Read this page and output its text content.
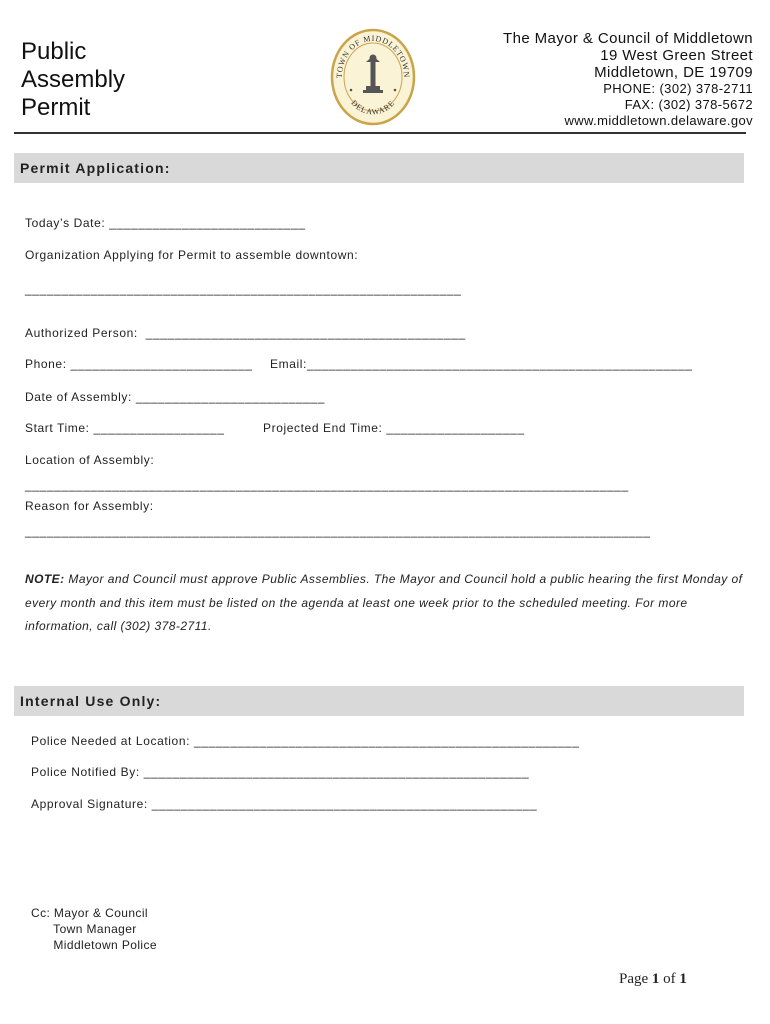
Public
Assembly
Permit
TOWN OF MIDDLETOWN
DELAWARE
The Mayor & Council of Middletown
19 West Green Street
Middletown, DE 19709
PHONE: (302) 378-2711
FAX: (302) 378-5672
www.middletown.delaware.gov
Permit Application:
Today’s Date: ___________________________
Organization Applying for Permit to assemble downtown:
____________________________________________________________
Authorized Person:  ____________________________________________
Phone: _________________________ Email:_____________________________________________________
Date of Assembly: __________________________
Start Time: __________________	Projected End Time: ___________________
Location of Assembly:
___________________________________________________________________________________
Reason for Assembly:
______________________________________________________________________________________
NOTE: Mayor and Council must approve Public Assemblies. The Mayor and Council hold a public hearing the first Monday of every month and this item must be listed on the agenda at least one week prior to the scheduled meeting. For more information, call (302) 378-2711.
Internal Use Only:
Police Needed at Location: _____________________________________________________
Police Notified By: _____________________________________________________
Approval Signature: _____________________________________________________
Cc: Mayor & Council
Town Manager
Middletown Police
Page 1 of 1
